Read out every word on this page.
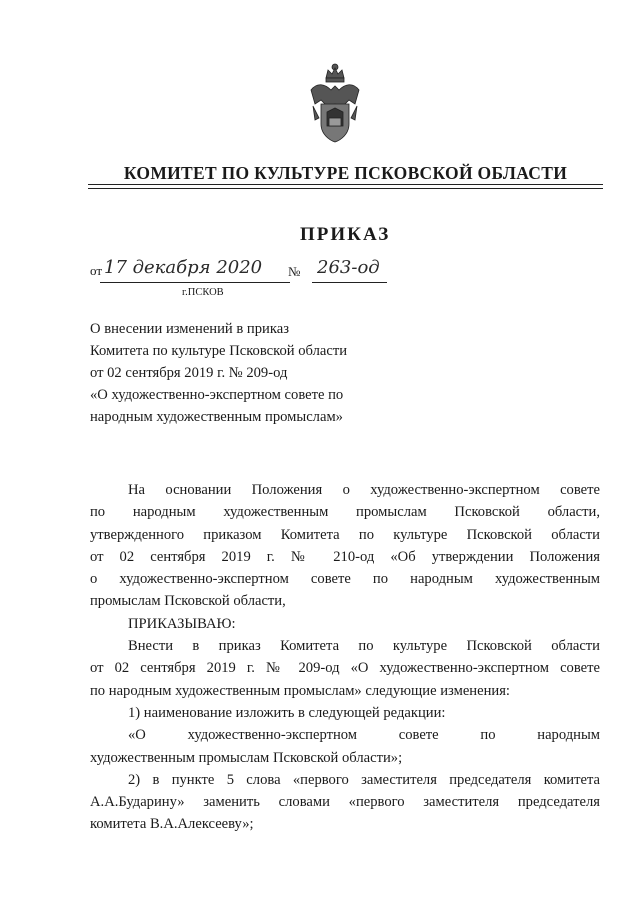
КОМИТЕТ ПО КУЛЬТУРЕ ПСКОВСКОЙ ОБЛАСТИ
ПРИКАЗ
от 17 декабря 2020 № 263-од
г.ПСКОВ
О внесении изменений в приказ
Комитета по культуре Псковской области
от 02 сентября 2019 г. № 209-од
«О художественно-экспертном совете по
народным художественным промыслам»

На основании Положения о художественно-экспертном совете

по народным художественным промыслам Псковской области,

утвержденного приказом Комитета по культуре Псковской области

от 02 сентября 2019 г. № 210-од «Об утверждении Положения

о художественно-экспертном совете по народным художественным

промыслам Псковской области,

ПРИКАЗЫВАЮ:

Внести в приказ Комитета по культуре Псковской области

от 02 сентября 2019 г. № 209-од «О художественно-экспертном совете

по народным художественным промыслам» следующие изменения:

1) наименование изложить в следующей редакции:

«О художественно-экспертном совете по народным

художественным промыслам Псковской области»;

2) в пункте 5 слова «первого заместителя председателя комитета

А.А.Бударину» заменить словами «первого заместителя председателя

комитета В.А.Алексееву»;
